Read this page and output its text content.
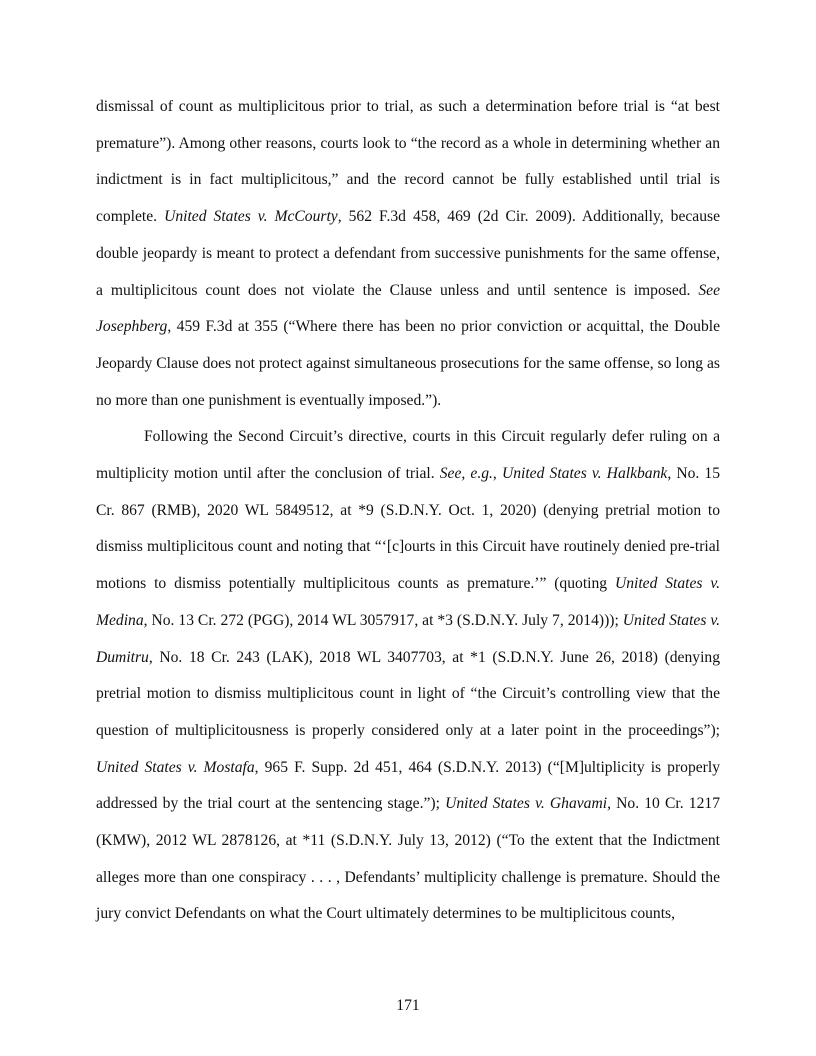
dismissal of count as multiplicitous prior to trial, as such a determination before trial is “at best premature”). Among other reasons, courts look to “the record as a whole in determining whether an indictment is in fact multiplicitous,” and the record cannot be fully established until trial is complete. United States v. McCourty, 562 F.3d 458, 469 (2d Cir. 2009). Additionally, because double jeopardy is meant to protect a defendant from successive punishments for the same offense, a multiplicitous count does not violate the Clause unless and until sentence is imposed. See Josephberg, 459 F.3d at 355 (“Where there has been no prior conviction or acquittal, the Double Jeopardy Clause does not protect against simultaneous prosecutions for the same offense, so long as no more than one punishment is eventually imposed.”).

Following the Second Circuit’s directive, courts in this Circuit regularly defer ruling on a multiplicity motion until after the conclusion of trial. See, e.g., United States v. Halkbank, No. 15 Cr. 867 (RMB), 2020 WL 5849512, at *9 (S.D.N.Y. Oct. 1, 2020) (denying pretrial motion to dismiss multiplicitous count and noting that “‘[c]ourts in this Circuit have routinely denied pre-trial motions to dismiss potentially multiplicitous counts as premature.’” (quoting United States v. Medina, No. 13 Cr. 272 (PGG), 2014 WL 3057917, at *3 (S.D.N.Y. July 7, 2014))); United States v. Dumitru, No. 18 Cr. 243 (LAK), 2018 WL 3407703, at *1 (S.D.N.Y. June 26, 2018) (denying pretrial motion to dismiss multiplicitous count in light of “the Circuit’s controlling view that the question of multiplicitousness is properly considered only at a later point in the proceedings”); United States v. Mostafa, 965 F. Supp. 2d 451, 464 (S.D.N.Y. 2013) (“[M]ultiplicity is properly addressed by the trial court at the sentencing stage.”); United States v. Ghavami, No. 10 Cr. 1217 (KMW), 2012 WL 2878126, at *11 (S.D.N.Y. July 13, 2012) (“To the extent that the Indictment alleges more than one conspiracy . . . , Defendants’ multiplicity challenge is premature. Should the jury convict Defendants on what the Court ultimately determines to be multiplicitous counts,

171
